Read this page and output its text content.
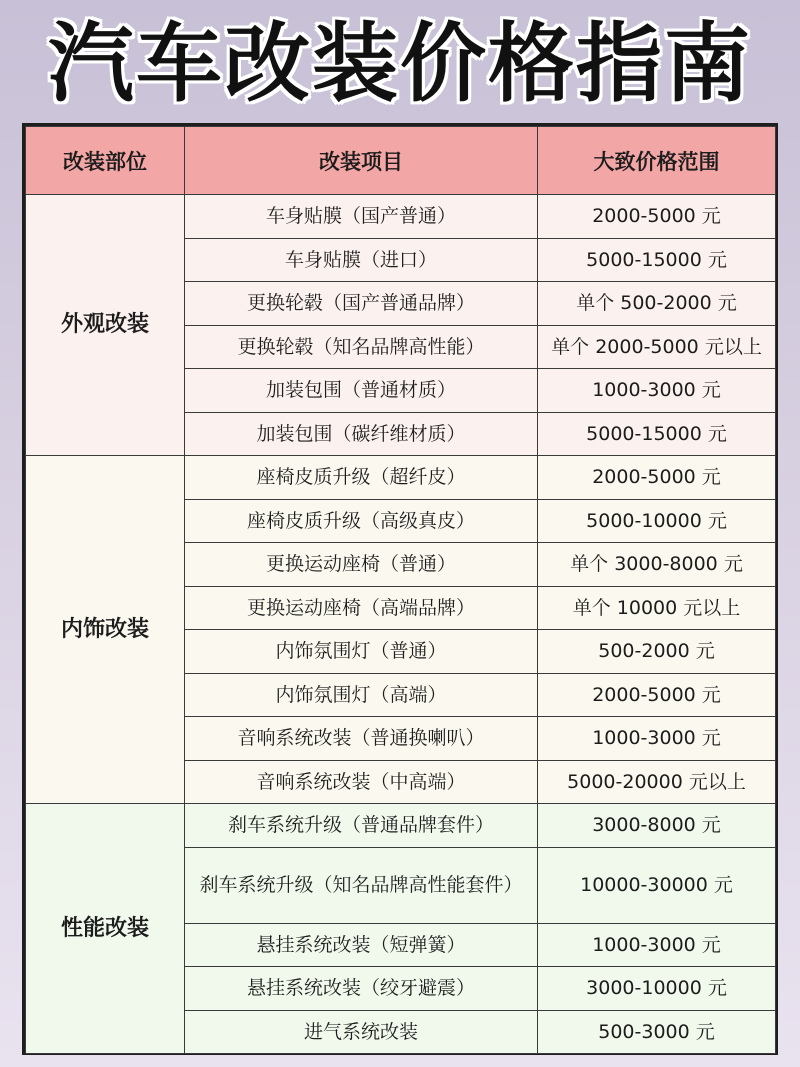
汽车改装价格指南
改装部位	改装项目	大致价格范围
外观改装	车身贴膜（国产普通）	2000-5000 元
	车身贴膜（进口）	5000-15000 元
	更换轮毂（国产普通品牌）	单个 500-2000 元
	更换轮毂（知名品牌高性能）	单个 2000-5000 元以上
	加装包围（普通材质）	1000-3000 元
	加装包围（碳纤维材质）	5000-15000 元
内饰改装	座椅皮质升级（超纤皮）	2000-5000 元
	座椅皮质升级（高级真皮）	5000-10000 元
	更换运动座椅（普通）	单个 3000-8000 元
	更换运动座椅（高端品牌）	单个 10000 元以上
	内饰氛围灯（普通）	500-2000 元
	内饰氛围灯（高端）	2000-5000 元
	音响系统改装（普通换喇叭）	1000-3000 元
	音响系统改装（中高端）	5000-20000 元以上
性能改装	刹车系统升级（普通品牌套件）	3000-8000 元
	刹车系统升级（知名品牌高性能套件）	10000-30000 元
	悬挂系统改装（短弹簧）	1000-3000 元
	悬挂系统改装（绞牙避震）	3000-10000 元
	进气系统改装	500-3000 元
